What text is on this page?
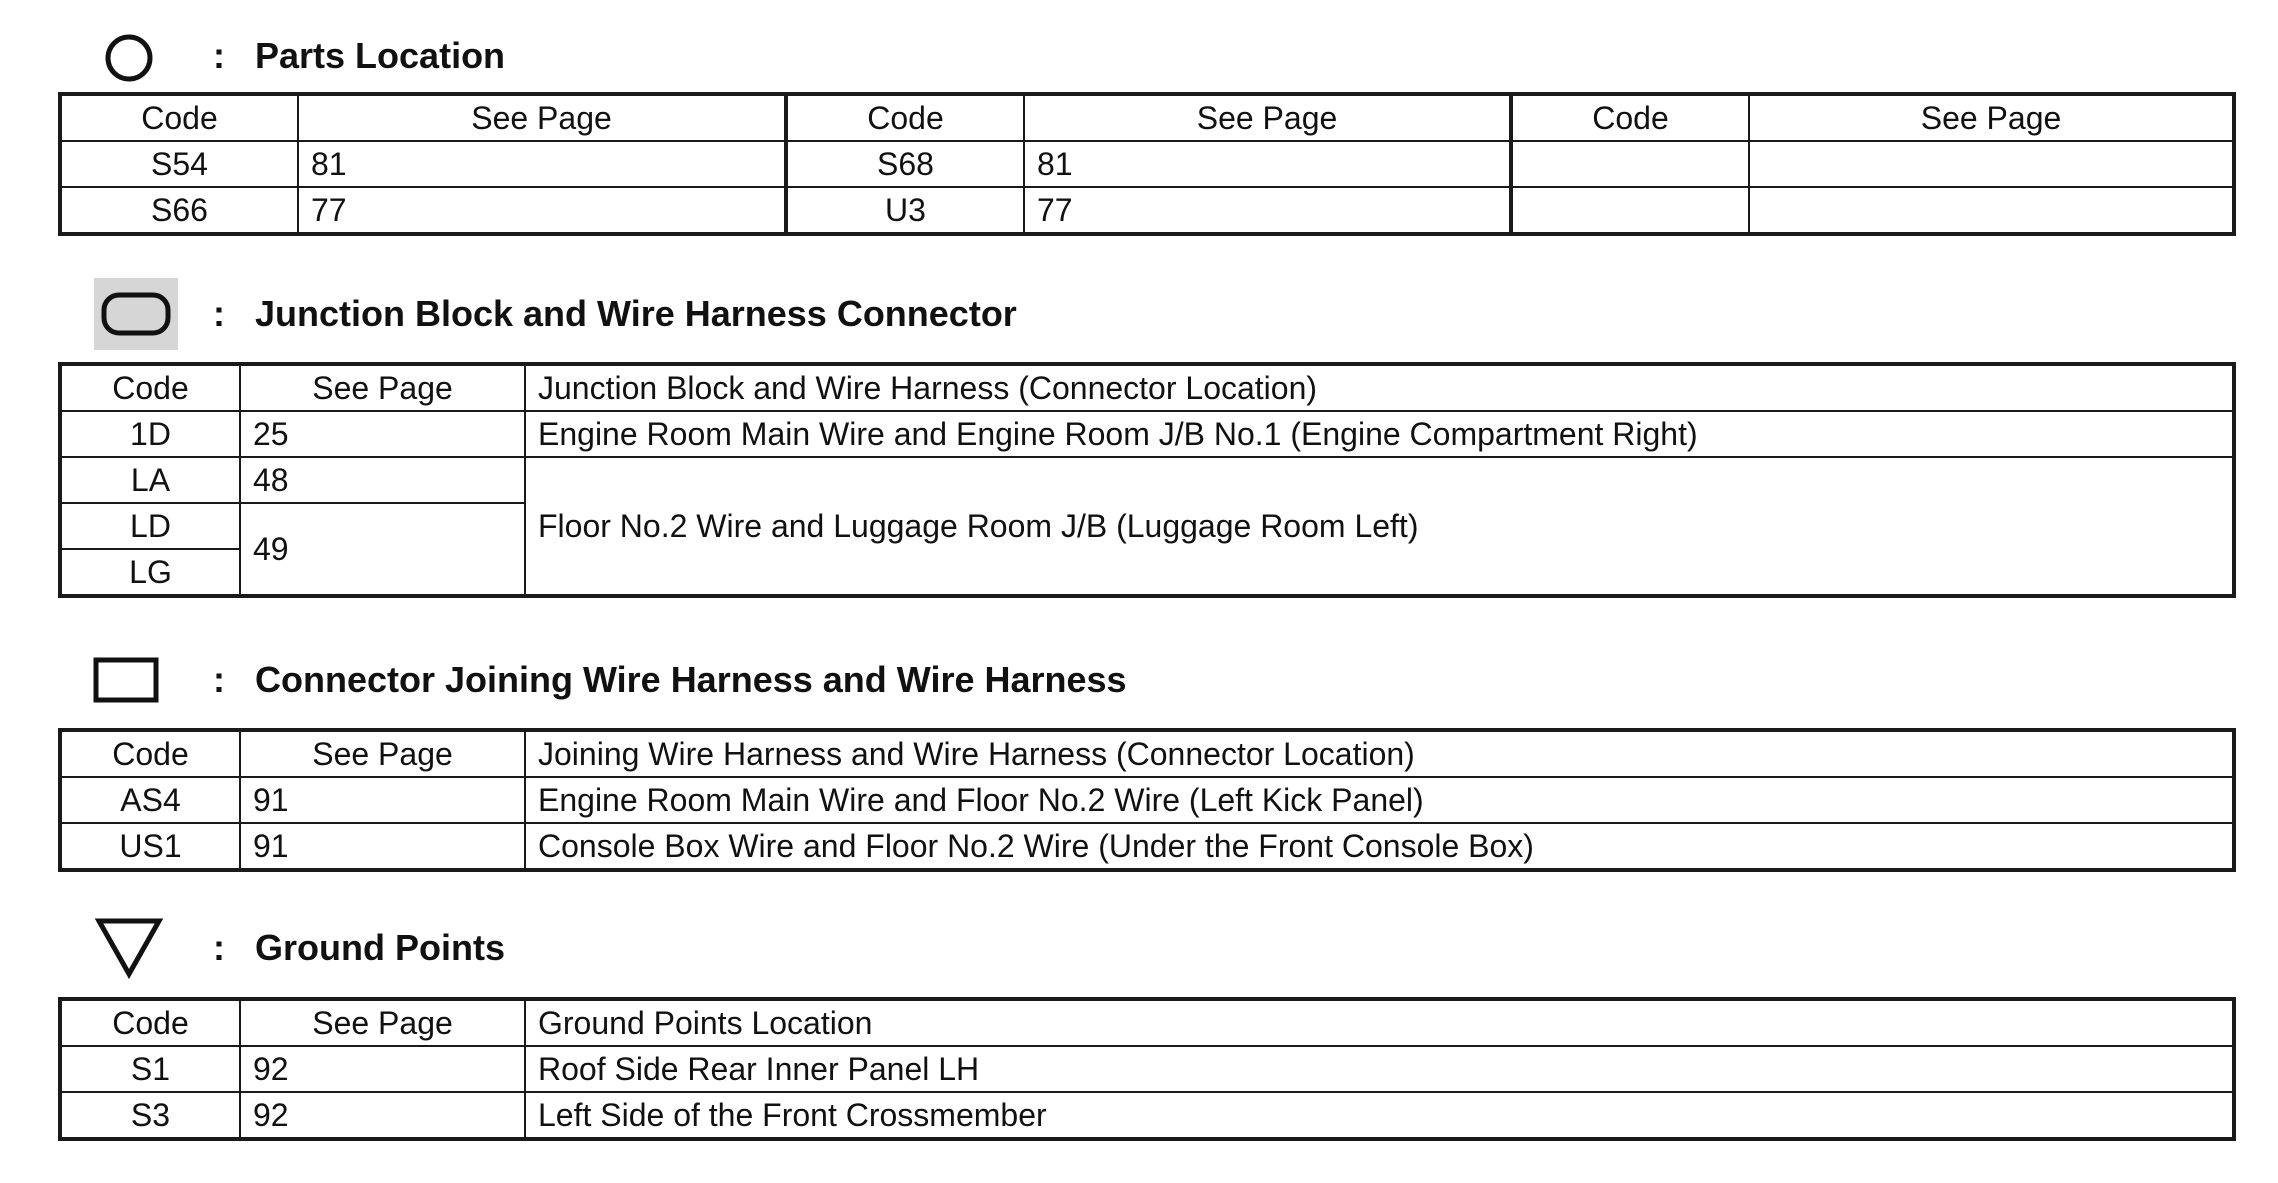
: Parts Location
Code	See Page	Code	See Page	Code	See Page
S54	81	S68	81		
S66	77	U3	77		
: Junction Block and Wire Harness Connector
Code	See Page	Junction Block and Wire Harness (Connector Location)
1D	25	Engine Room Main Wire and Engine Room J/B No.1 (Engine Compartment Right)
LA	48	Floor No.2 Wire and Luggage Room J/B (Luggage Room Left)
LD	49	
LG		
: Connector Joining Wire Harness and Wire Harness
Code	See Page	Joining Wire Harness and Wire Harness (Connector Location)
AS4	91	Engine Room Main Wire and Floor No.2 Wire (Left Kick Panel)
US1	91	Console Box Wire and Floor No.2 Wire (Under the Front Console Box)
: Ground Points
Code	See Page	Ground Points Location
S1	92	Roof Side Rear Inner Panel LH
S3	92	Left Side of the Front Crossmember
